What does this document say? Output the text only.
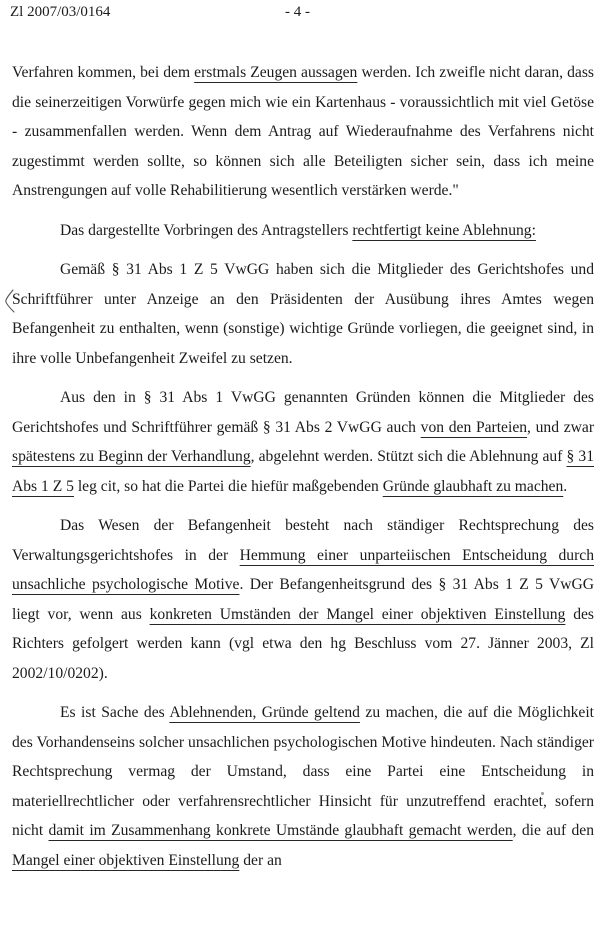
Zl 2007/03/0164	- 4 -

Verfahren kommen, bei dem erstmals Zeugen aussagen werden. Ich zweifle nicht daran, dass die seinerzeitigen Vorwürfe gegen mich wie ein Kartenhaus - voraussichtlich mit viel Getöse - zusammenfallen werden. Wenn dem Antrag auf Wiederaufnahme des Verfahrens nicht zugestimmt werden sollte, so können sich alle Beteiligten sicher sein, dass ich meine Anstrengungen auf volle Rehabilitierung wesentlich verstärken werde."

Das dargestellte Vorbringen des Antragstellers rechtfertigt keine Ablehnung:

Gemäß § 31 Abs 1 Z 5 VwGG haben sich die Mitglieder des Gerichtshofes und Schriftführer unter Anzeige an den Präsidenten der Ausübung ihres Amtes wegen Befangenheit zu enthalten, wenn (sonstige) wichtige Gründe vorliegen, die geeignet sind, in ihre volle Unbefangenheit Zweifel zu setzen.

Aus den in § 31 Abs 1 VwGG genannten Gründen können die Mitglieder des Gerichtshofes und Schriftführer gemäß § 31 Abs 2 VwGG auch von den Parteien, und zwar spätestens zu Beginn der Verhandlung, abgelehnt werden. Stützt sich die Ablehnung auf § 31 Abs 1 Z 5 leg cit, so hat die Partei die hiefür maßgebenden Gründe glaubhaft zu machen.

Das Wesen der Befangenheit besteht nach ständiger Rechtsprechung des Verwaltungsgerichtshofes in der Hemmung einer unparteiischen Entscheidung durch unsachliche psychologische Motive. Der Befangenheitsgrund des § 31 Abs 1 Z 5 VwGG liegt vor, wenn aus konkreten Umständen der Mangel einer objektiven Einstellung des Richters gefolgert werden kann (vgl etwa den hg Beschluss vom 27. Jänner 2003, Zl 2002/10/0202).

Es ist Sache des Ablehnenden, Gründe geltend zu machen, die auf die Möglichkeit des Vorhandenseins solcher unsachlichen psychologischen Motive hindeuten. Nach ständiger Rechtsprechung vermag der Umstand, dass eine Partei eine Entscheidung in materiellrechtlicher oder verfahrensrechtlicher Hinsicht für unzutreffend erachtet, sofern nicht damit im Zusammenhang konkrete Umstände glaubhaft gemacht werden, die auf den Mangel einer objektiven Einstellung der an
